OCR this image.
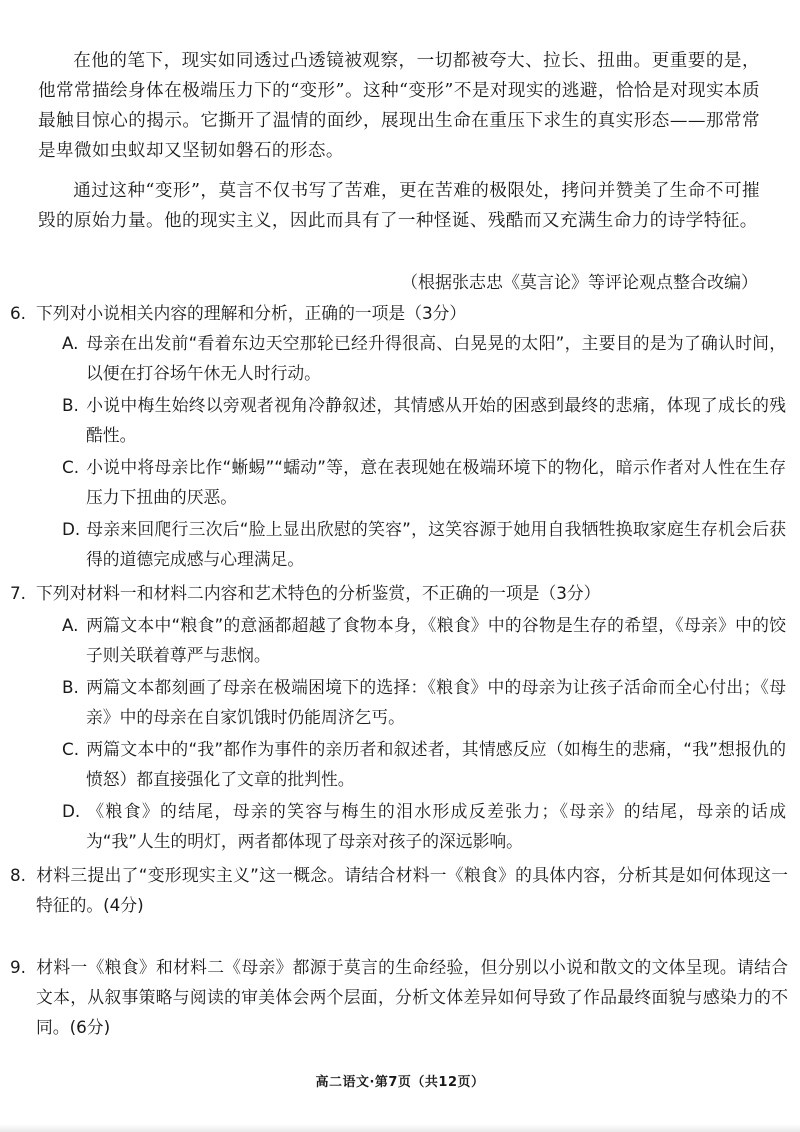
在他的笔下，现实如同透过凸透镜被观察，一切都被夸大、拉长、扭曲。更重要的是，他常常描绘身体在极端压力下的“变形”。这种“变形”不是对现实的逃避，恰恰是对现实本质最触目惊心的揭示。它撕开了温情的面纱，展现出生命在重压下求生的真实形态——那常常是卑微如虫蚁却又坚韧如磐石的形态。

通过这种“变形”，莫言不仅书写了苦难，更在苦难的极限处，拷问并赞美了生命不可摧毁的原始力量。他的现实主义，因此而具有了一种怪诞、残酷而又充满生命力的诗学特征。

（根据张志忠《莫言论》等评论观点整合改编）

6. 下列对小说相关内容的理解和分析，正确的一项是（3分）

A. 母亲在出发前“看着东边天空那轮已经升得很高、白晃晃的太阳”，主要目的是为了确认时间，以便在打谷场午休无人时行动。

B. 小说中梅生始终以旁观者视角冷静叙述，其情感从开始的困惑到最终的悲痛，体现了成长的残酷性。

C. 小说中将母亲比作“蜥蜴”“蠕动”等，意在表现她在极端环境下的物化，暗示作者对人性在生存压力下扭曲的厌恶。

D. 母亲来回爬行三次后“脸上显出欣慰的笑容”，这笑容源于她用自我牺牲换取家庭生存机会后获得的道德完成感与心理满足。

7. 下列对材料一和材料二内容和艺术特色的分析鉴赏，不正确的一项是（3分）

A. 两篇文本中“粮食”的意涵都超越了食物本身，《粮食》中的谷物是生存的希望，《母亲》中的饺子则关联着尊严与悲悯。

B. 两篇文本都刻画了母亲在极端困境下的选择：《粮食》中的母亲为让孩子活命而全心付出；《母亲》中的母亲在自家饥饿时仍能周济乞丐。

C. 两篇文本中的“我”都作为事件的亲历者和叙述者，其情感反应（如梅生的悲痛，“我”想报仇的愤怒）都直接强化了文章的批判性。

D. 《粮食》的结尾，母亲的笑容与梅生的泪水形成反差张力；《母亲》的结尾，母亲的话成为“我”人生的明灯，两者都体现了母亲对孩子的深远影响。

8. 材料三提出了“变形现实主义”这一概念。请结合材料一《粮食》的具体内容，分析其是如何体现这一特征的。(4分)

9. 材料一《粮食》和材料二《母亲》都源于莫言的生命经验，但分别以小说和散文的文体呈现。请结合文本，从叙事策略与阅读的审美体会两个层面，分析文体差异如何导致了作品最终面貌与感染力的不同。(6分)

高二语文·第7页（共12页）
